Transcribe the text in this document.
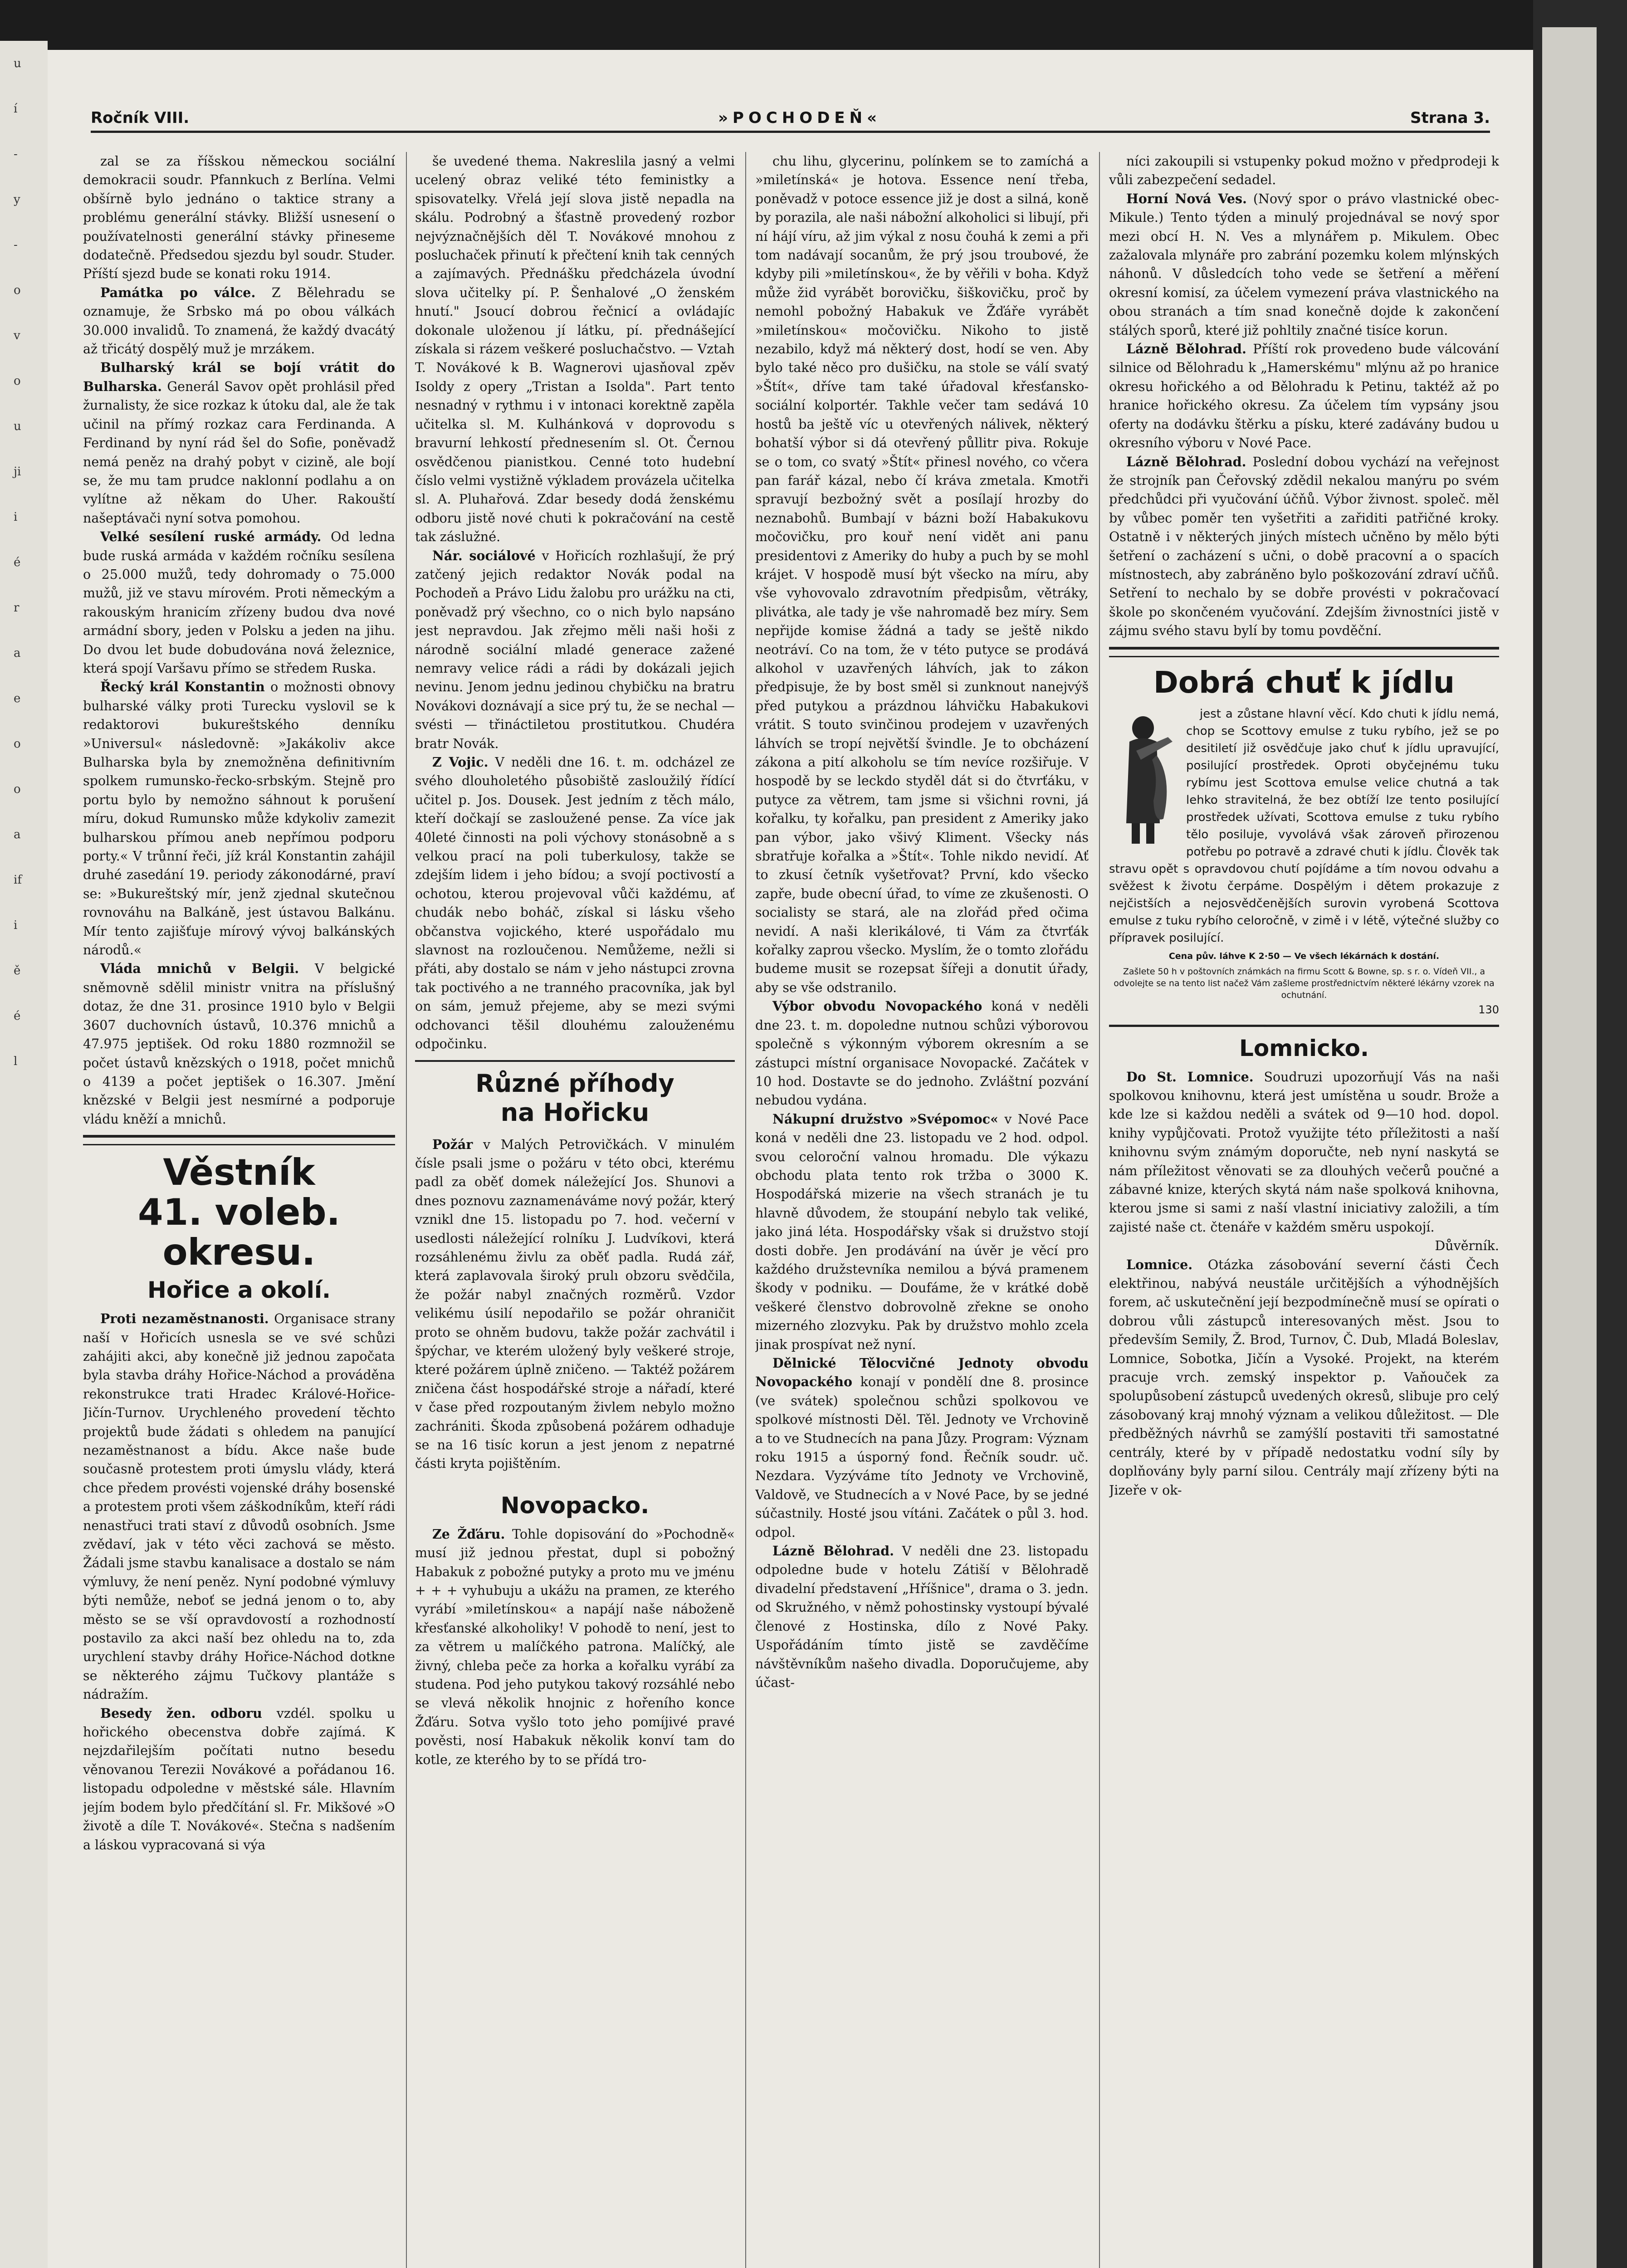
u
í
-
y
-
o
v
o
u
ji
i
é
r
a
e
o
o
a
if
i
ě
é
l
Ročník VIII.	»POCHODEŇ«	Strana 3.

zal se za říšskou německou sociální demokracii soudr. Pfannkuch z Berlína. Velmi obšírně bylo jednáno o taktice strany a problému generální stávky. Bližší usnesení o používatelnosti generální stávky přineseme dodatečně. Předsedou sjezdu byl soudr. Studer. Příští sjezd bude se konati roku 1914.

Památka po válce. Z Bělehradu se oznamuje, že Srbsko má po obou válkách 30.000 invalidů. To znamená, že každý dvacátý až třicátý dospělý muž je mrzákem.

Bulharský král se bojí vrátit do Bulharska. Generál Savov opět prohlásil před žurnalisty, že sice rozkaz k útoku dal, ale že tak učinil na přímý rozkaz cara Ferdinanda. A Ferdinand by nyní rád šel do Sofie, poněvadž nemá peněz na drahý pobyt v cizině, ale bojí se, že mu tam prudce naklonní podlahu a on vylítne až někam do Uher. Rakouští našeptávači nyní sotva pomohou.

Velké sesílení ruské armády. Od ledna bude ruská armáda v každém ročníku sesílena o 25.000 mužů, tedy dohromady o 75.000 mužů, již ve stavu mírovém. Proti německým a rakouským hranicím zřízeny budou dva nové armádní sbory, jeden v Polsku a jeden na jihu. Do dvou let bude dobudována nová železnice, která spojí Varšavu přímo se středem Ruska.

Řecký král Konstantin o možnosti obnovy bulharské války proti Turecku vyslovil se k redaktorovi bukureštského denníku »Universul« následovně: »Jakákoliv akce Bulharska byla by znemožněna definitivním spolkem rumunsko-řecko-srbským. Stejně pro portu bylo by nemožno sáhnout k porušení míru, dokud Rumunsko může kdykoliv zamezit bulharskou přímou aneb nepřímou podporu porty.« V trůnní řeči, jíž král Konstantin zahájil druhé zasedání 19. periody zákonodárné, praví se: »Bukureštský mír, jenž zjednal skutečnou rovnováhu na Balkáně, jest ústavou Balkánu. Mír tento zajišťuje mírový vývoj balkánských národů.«

Vláda mnichů v Belgii. V belgické sněmovně sdělil ministr vnitra na příslušný dotaz, že dne 31. prosince 1910 bylo v Belgii 3607 duchovních ústavů, 10.376 mnichů a 47.975 jeptišek. Od roku 1880 rozmnožil se počet ústavů knězských o 1918, počet mnichů o 4139 a počet jeptišek o 16.307. Jmění knězské v Belgii jest nesmírné a podporuje vládu kněží a mnichů.

Věstník
41. voleb. okresu.
Hořice a okolí.

Proti nezaměstnanosti. Organisace strany naší v Hořicích usnesla se ve své schůzi zahájiti akci, aby konečně již jednou započata byla stavba dráhy Hořice-Náchod a prováděna rekonstrukce trati Hradec Králové-Hořice-Jičín-Turnov. Urychleného provedení těchto projektů bude žádati s ohledem na panující nezaměstnanost a bídu. Akce naše bude současně protestem proti úmyslu vlády, která chce předem provésti vojenské dráhy bosenské a protestem proti všem záškodníkům, kteří rádi nenastřuci trati staví z důvodů osobních. Jsme zvědaví, jak v této věci zachová se město. Žádali jsme stavbu kanalisace a dostalo se nám výmluvy, že není peněz. Nyní podobné výmluvy býti nemůže, neboť se jedná jenom o to, aby město se se vší opravdovostí a rozhodností postavilo za akci naší bez ohledu na to, zda urychlení stavby dráhy Hořice-Náchod dotkne se některého zájmu Tučkovy plantáže s nádražím.

Besedy žen. odboru vzdél. spolku u hořického obecenstva dobře zajímá. K nejzdařilejším počítati nutno besedu věnovanou Terezii Novákové a pořádanou 16. listopadu odpoledne v městské sále. Hlavním jejím bodem bylo předčítání sl. Fr. Mikšové »O životě a díle T. Novákové«. Stečna s nadšením a láskou vypracovaná si výa

še uvedené thema. Nakreslila jasný a velmi ucelený obraz veliké této feministky a spisovatelky. Vřelá její slova jistě nepadla na skálu. Podrobný a šťastně provedený rozbor nejvýznačnějších děl T. Novákové mnohou z posluchaček přinutí k přečtení knih tak cenných a zajímavých. Přednášku předcházela úvodní slova učitelky pí. P. Šenhalové „O ženském hnutí." Jsoucí dobrou řečnicí a ovládajíc dokonale uloženou jí látku, pí. přednášející získala si rázem veškeré posluchačstvo. — Vztah T. Novákové k B. Wagnerovi ujasňoval zpěv Isoldy z opery „Tristan a Isolda". Part tento nesnadný v rythmu i v intonaci korektně zapěla učitelka sl. M. Kulhánková v doprovodu s bravurní lehkostí přednesením sl. Ot. Černou osvědčenou pianistkou. Cenné toto hudební číslo velmi vystižně výkladem provázela učitelka sl. A. Pluhařová. Zdar besedy dodá ženskému odboru jistě nové chuti k pokračování na cestě tak záslužné.

Nár. sociálové v Hořicích rozhlašují, že prý zatčený jejich redaktor Novák podal na Pochodeň a Právo Lidu žalobu pro urážku na cti, poněvadž prý všechno, co o nich bylo napsáno jest nepravdou. Jak zřejmo měli naši hoši z národně sociální mladé generace zažené nemravy velice rádi a rádi by dokázali jejich nevinu. Jenom jednu jedinou chybičku na bratru Novákovi doznávají a sice prý tu, že se nechal — svésti — třináctiletou prostitutkou. Chudéra bratr Novák.

Z Vojic. V neděli dne 16. t. m. odcházel ze svého dlouholetého působiště zasloužilý řídící učitel p. Jos. Dousek. Jest jedním z těch málo, kteří dočkají se zasloužené pense. Za více jak 40leté činnosti na poli výchovy stonásobně a s velkou prací na poli tuberkulosy, takže se zdejším lidem i jeho bídou; a svojí poctivostí a ochotou, kterou projevoval vůči každému, ať chudák nebo boháč, získal si lásku všeho občanstva vojického, které uspořádalo mu slavnost na rozloučenou. Nemůžeme, nežli si přáti, aby dostalo se nám v jeho nástupci zrovna tak poctivého a ne tranného pracovníka, jak byl on sám, jemuž přejeme, aby se mezi svými odchovanci těšil dlouhému zalouženému odpočinku.

Různé příhody
na Hořicku

Požár v Malých Petrovičkách. V minulém čísle psali jsme o požáru v této obci, kterému padl za oběť domek náležející Jos. Shunovi a dnes poznovu zaznamenáváme nový požár, který vznikl dne 15. listopadu po 7. hod. večerní v usedlosti náležející rolníku J. Ludvíkovi, která rozsáhlenému živlu za oběť padla. Rudá zář, která zaplavovala široký prulı obzoru svědčila, že požár nabyl značných rozměrů. Vzdor velikému úsilí nepodařilo se požár ohraničit proto se ohněm budovu, takže požár zachvátil i špýchar, ve kterém uložený byly veškeré stroje, které požárem úplně zničeno. — Taktéž požárem zničena část hospodářské stroje a nářadí, které v čase před rozpoutaným živlem nebylo možno zachrániti. Škoda způsobená požárem odhaduje se na 16 tisíc korun a jest jenom z nepatrné části kryta pojištěním.

Novopacko.

Ze Žďáru. Tohle dopisování do »Pochodně« musí již jednou přestat, dupl si pobožný Habakuk z pobožné putyky a proto mu ve jménu + + + vyhubuju a ukážu na pramen, ze kterého vyrábí »miletínskou« a napájí naše náboženě křesťanské alkoholiky! V pohodě to není, jest to za větrem u malíčkého patrona. Malíčký, ale živný, chleba peče za horka a kořalku vyrábí za studena. Pod jeho putykou takový rozsáhlé nebo se vlevá několik hnojnic z hořeního konce Žďáru. Sotva vyšlo toto jeho pomíjivé pravé pověsti, nosí Habakuk několik konví tam do kotle, ze kterého by to se přídá tro-

chu lihu, glycerinu, polínkem se to zamíchá a »miletínská« je hotova. Essence není třeba, poněvadž v potoce essence již je dost a silná, koně by porazila, ale naši nábožní alkoholici si libují, při ní hájí víru, až jim výkal z nosu čouhá k zemi a při tom nadávají socanům, že prý jsou troubové, že kdyby pili »miletínskou«, že by věřili v boha. Když může žid vyrábět borovičku, šiškovičku, proč by nemohl pobožný Habakuk ve Žďáře vyrábět »miletínskou« močovičku. Nikoho to jistě nezabilo, když má některý dost, hodí se ven. Aby bylo také něco pro dušičku, na stole se válí svatý »Štít«, dříve tam také úřadoval křesťansko-sociální kolportér. Takhle večer tam sedává 10 hostů ba ještě víc u otevřených nálivek, některý bohatší výbor si dá otevřený půllitr piva. Rokuje se o tom, co svatý »Štít« přinesl nového, co včera pan farář kázal, nebo čí kráva zmetala. Kmotři spravují bezbožný svět a posílají hrozby do neznabohů. Bumbají v bázni boží Habakukovu močovičku, pro kouř není vidět ani panu presidentovi z Ameriky do huby a puch by se mohl krájet. V hospodě musí být všecko na míru, aby vše vyhovovalo zdravotním předpisům, větráky, plivátka, ale tady je vše nahromadě bez míry. Sem nepřijde komise žádná a tady se ještě nikdo neotráví. Co na tom, že v této putyce se prodává alkohol v uzavřených láhvích, jak to zákon předpisuje, že by bost směl si zunknout nanejvýš před putykou a prázdnou láhvičku Habakukovi vrátit. S touto svinčinou prodejem v uzavřených láhvích se tropí největší švindle. Je to obcházení zákona a pití alkoholu se tím nevíce rozšiřuje. V hospodě by se leckdo styděl dát si do čtvrťáku, v putyce za větrem, tam jsme si všichni rovni, já kořalku, ty kořalku, pan president z Ameriky jako pan výbor, jako všivý Kliment. Všecky nás sbratřuje kořalka a »Štít«. Tohle nikdo nevidí. Ať to zkusí četník vyšetřovat? První, kdo všecko zapře, bude obecní úřad, to víme ze zkušenosti. O socialisty se stará, ale na zlořád před očima nevidí. A naši klerikálové, ti Vám za čtvrťák kořalky zaprou všecko. Myslím, že o tomto zlořádu budeme musit se rozepsat šířeji a donutit úřady, aby se vše odstranilo.

Výbor obvodu Novopackého koná v neděli dne 23. t. m. dopoledne nutnou schůzi výborovou společně s výkonným výborem okresním a se zástupci místní organisace Novopacké. Začátek v 10 hod. Dostavte se do jednoho. Zvláštní pozvání nebudou vydána.

Nákupní družstvo »Svépomoc« v Nové Pace koná v neděli dne 23. listopadu ve 2 hod. odpol. svou celoroční valnou hromadu. Dle výkazu obchodu plata tento rok tržba o 3000 K. Hospodářská mizerie na všech stranách je tu hlavně důvodem, že stoupání nebylo tak veliké, jako jiná léta. Hospodářsky však si družstvo stojí dosti dobře. Jen prodávání na úvěr je věcí pro každého družstevníka nemilou a bývá pramenem škody v podniku. — Doufáme, že v krátké době veškeré členstvo dobrovolně zřekne se onoho mizerného zlozvyku. Pak by družstvo mohlo zcela jinak prospívat než nyní.

Dělnické Tělocvičné Jednoty obvodu Novopackého konají v pondělí dne 8. prosince (ve svátek) společnou schůzi spolkovou ve spolkové místnosti Děl. Těl. Jednoty ve Vrchovině a to ve Studnecích na pana Jůzy. Program: Význam roku 1915 a úsporný fond. Řečník soudr. uč. Nezdara. Vyzýváme títo Jednoty ve Vrchovině, Valdově, ve Studnecích a v Nové Pace, by se jedné súčastnily. Hosté jsou vítáni. Začátek o půl 3. hod. odpol.

Lázně Bělohrad. V neděli dne 23. listopadu odpoledne bude v hotelu Zátiší v Bělohradě divadelní představení „Hříšnice", drama o 3. jedn. od Skružného, v němž pohostinsky vystoupí bývalé členové z Hostinska, dílo z Nové Paky. Uspořádáním tímto jistě se zavděčíme návštěvníkům našeho divadla. Doporučujeme, aby účast-

níci zakoupili si vstupenky pokud možno v předprodeji k vůli zabezpečení sedadel.

Horní Nová Ves. (Nový spor o právo vlastnické obec-Mikule.) Tento týden a minulý projednával se nový spor mezi obcí H. N. Ves a mlynářem p. Mikulem. Obec zažalovala mlynáře pro zabrání pozemku kolem mlýnských náhonů. V důsledcích toho vede se šetření a měření okresní komisí, za účelem vymezení práva vlastnického na obou stranách a tím snad konečně dojde k zakončení stálých sporů, které již pohltily značné tisíce korun.

Lázně Bělohrad. Příští rok provedeno bude válcování silnice od Bělohradu k „Hamerskému" mlýnu až po hranice okresu hořického a od Bělohradu k Petinu, taktéž až po hranice hořického okresu. Za účelem tím vypsány jsou oferty na dodávku štěrku a písku, které zadávány budou u okresního výboru v Nové Pace.

Lázně Bělohrad. Poslední dobou vychází na veřejnost že strojník pan Čeřovský zdědil nekalou manýru po svém předchůdci při vyučování účňů. Výbor živnost. společ. měl by vůbec poměr ten vyšetřiti a zařiditi patřičné kroky. Ostatně i v některých jiných místech učněno by mělo býti šetření o zacházení s učni, o době pracovní a o spacích místnostech, aby zabráněno bylo poškozování zdraví učňů. Setření to nechalo by se dobře provésti v pokračovací škole po skončeném vyučování. Zdejším živnostníci jistě v zájmu svého stavu bylí by tomu povděční.

Dobrá chuť k jídlu

jest a zůstane hlavní věcí. Kdo chuti k jídlu nemá, chop se Scottovy emulse z tuku rybího, jež se po desitiletí již osvědčuje jako chuť k jídlu upravující, posilující prostředek. Oproti obyčejnému tuku rybímu jest Scottova emulse velice chutná a tak lehko stravitelná, že bez obtíží lze tento posilující prostředek užívati, Scottova emulse z tuku rybího tělo posiluje, vyvolává však zároveň přirozenou potřebu po potravě a zdravé chuti k jídlu. Člověk tak stravu opět s opravdovou chutí pojídáme a tím novou odvahu a svěžest k životu čerpáme. Dospělým i dětem prokazuje z nejčistších a nejosvědčenějších surovin vyrobená Scottova emulse z tuku rybího celoročně, v zimě i v létě, výtečné služby co přípravek posilující.

Cena pův. láhve K 2·50 — Ve všech lékárnách k dostání.
Zašlete 50 h v poštovních známkách na firmu Scott & Bowne, sp. s r. o. Vídeň VII., a odvolejte se na tento list načež Vám zašleme prostřednictvím některé lékárny vzorek na ochutnání.
130
Lomnicko.

Do St. Lomnice. Soudruzi upozorňují Vás na naši spolkovou knihovnu, která jest umístěna u soudr. Brože a kde lze si každou neděli a svátek od 9—10 hod. dopol. knihy vypůjčovati. Protož využijte této příležitosti a naší knihovnu svým známým doporučte, neb nyní naskytá se nám příležitost věnovati se za dlouhých večerů poučné a zábavné knize, kterých skytá nám naše spolková knihovna, kterou jsme si sami z naší vlastní iniciativy založili, a tím zajisté naše ct. čtenáře v každém směru uspokojí.

Důvěrník.

Lomnice. Otázka zásobování severní části Čech elektřinou, nabývá neustále určitějších a výhodnějších forem, ač uskutečnění její bezpodmínečně musí se opírati o dobrou vůli zástupců interesovaných měst. Jsou to především Semily, Ž. Brod, Turnov, Č. Dub, Mladá Boleslav, Lomnice, Sobotka, Jičín a Vysoké. Projekt, na kterém pracuje vrch. zemský inspektor p. Vaňouček za spolupůsobení zástupců uvedených okresů, slibuje pro celý zásobovaný kraj mnohý význam a velikou důležitost. — Dle předběžných návrhů se zamýšlí postaviti tři samostatné centrály, které by v případě nedostatku vodní síly by doplňovány byly parní silou. Centrály mají zřízeny býti na Jizeře v ok-
